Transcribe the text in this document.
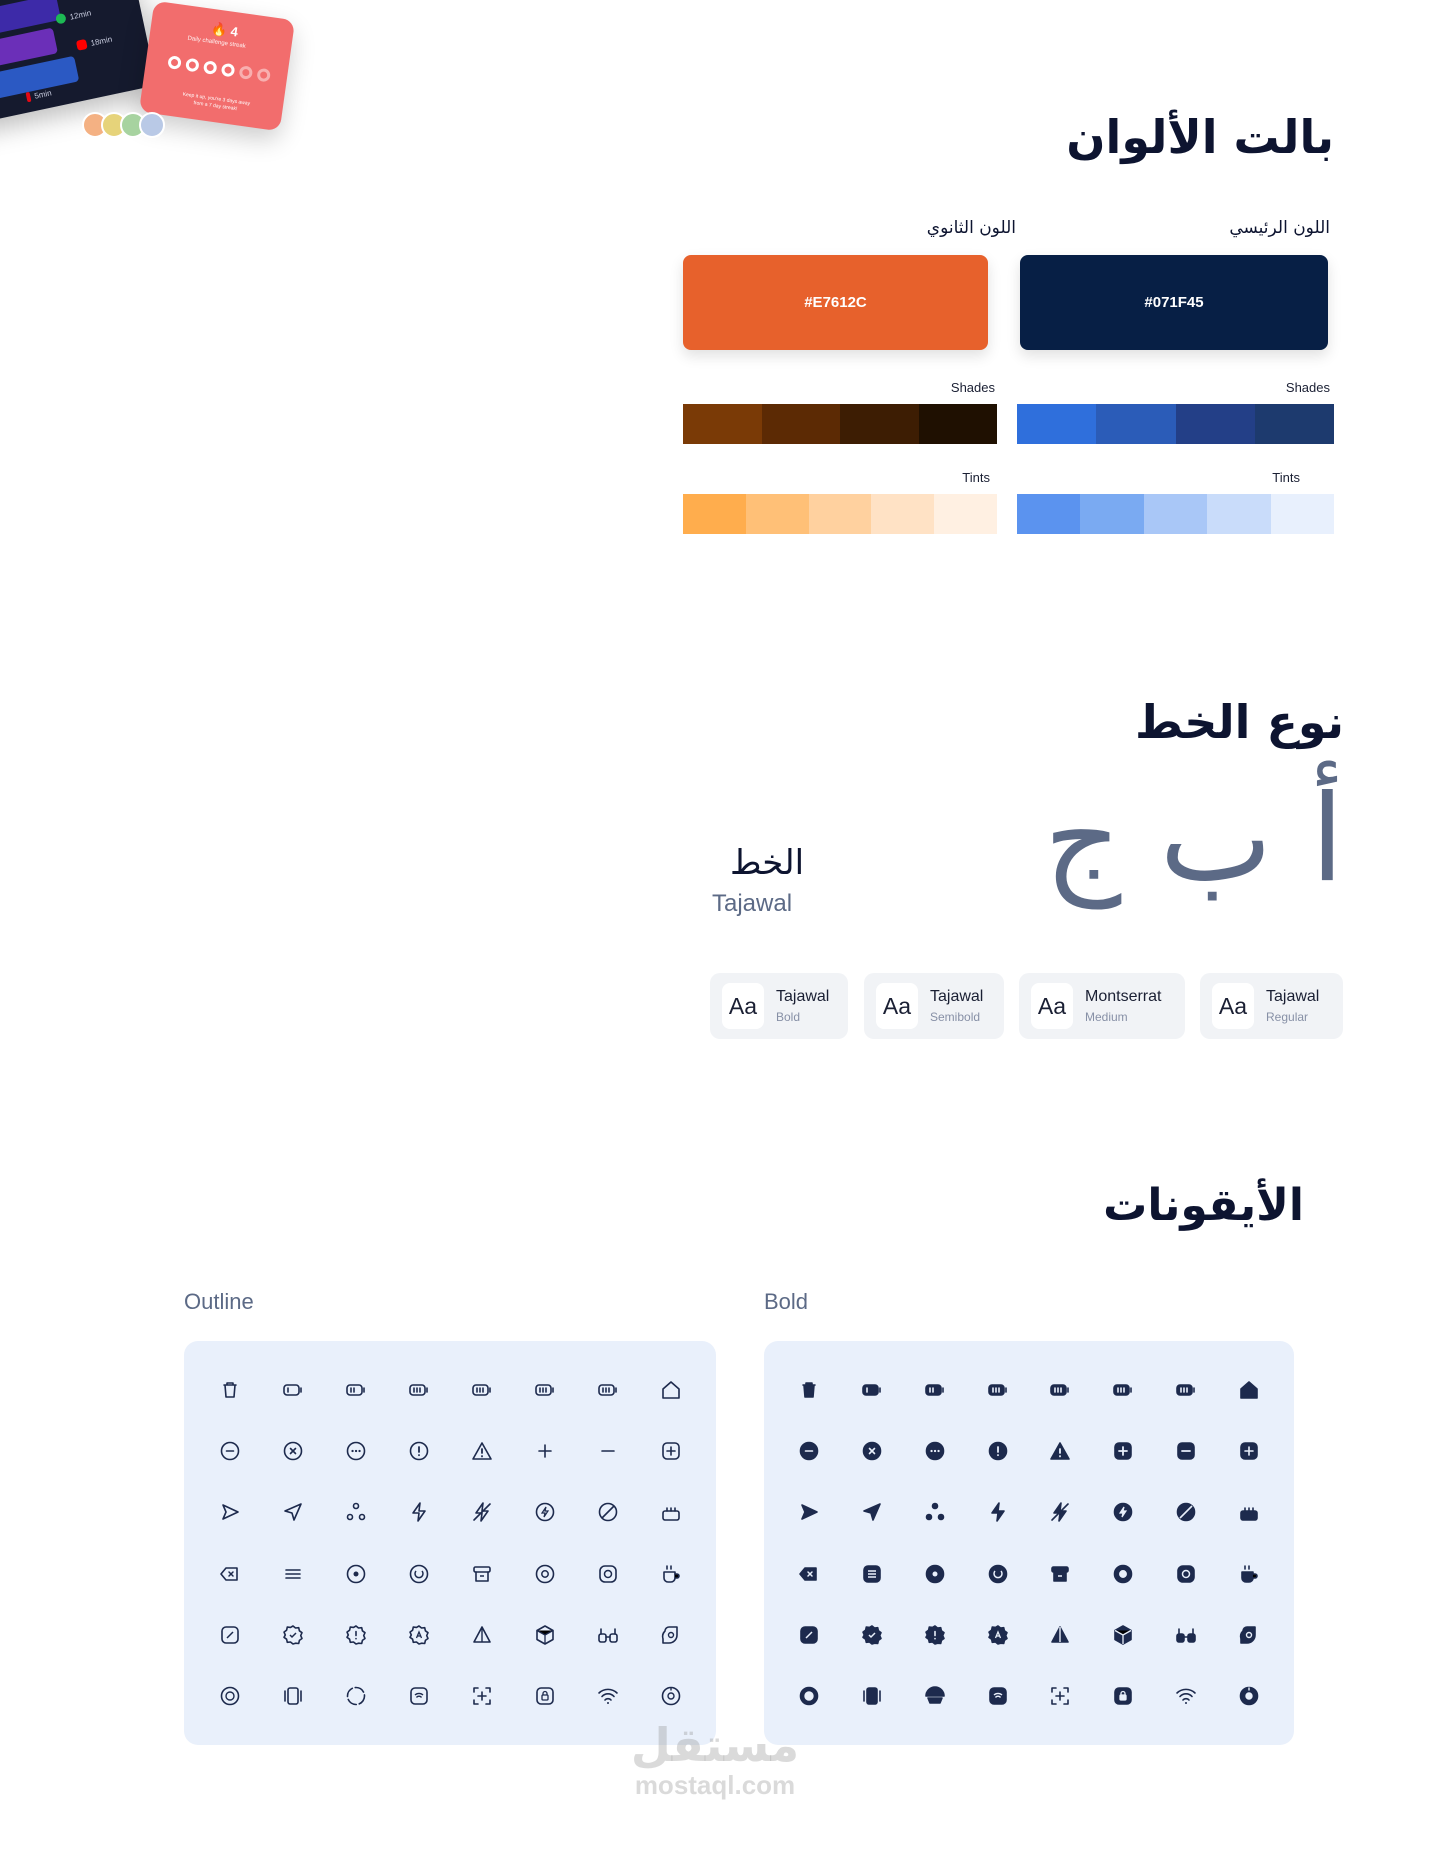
12min
18min
5min
🔥 4
Daily challenge streak
Keep it up, you're 3 days away from a 7 day streak!
بالت الألوان
اللون الرئيسي
اللون الثانوي
#071F45
#E7612C
Shades
Shades
Tints
Tints
نوع الخط
أ ب ج
الخط
Tajawal
Aa	Tajawal
Regular
Aa	Montserrat
Medium
Aa	Tajawal
Semibold
Aa	Tajawal
Bold
الأيقونات
Outline	Bold
مستقل
mostaql.com
